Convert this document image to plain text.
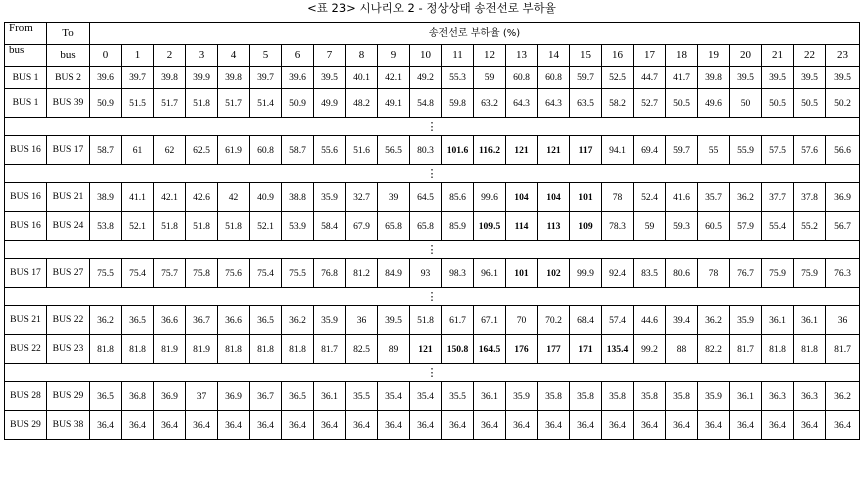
<표 23> 시나리오 2 - 정상상태 송전선로 부하율
From	To	송전선로 부하율 (%)																							
bus	bus	0	1	2	3	4	5	6	7	8	9	10	11	12	13	14	15	16	17	18	19	20	21	22	23
BUS 1	BUS 2	39.6	39.7	39.8	39.9	39.8	39.7	39.6	39.5	40.1	42.1	49.2	55.3	59	60.8	60.8	59.7	52.5	44.7	41.7	39.8	39.5	39.5	39.5	39.5
BUS 1	BUS 39	50.9	51.5	51.7	51.8	51.7	51.4	50.9	49.9	48.2	49.1	54.8	59.8	63.2	64.3	64.3	63.5	58.2	52.7	50.5	49.6	50	50.5	50.5	50.2
⋮																									
BUS 16	BUS 17	58.7	61	62	62.5	61.9	60.8	58.7	55.6	51.6	56.5	80.3	101.6	116.2	121	121	117	94.1	69.4	59.7	55	55.9	57.5	57.6	56.6
⋮																									
BUS 16	BUS 21	38.9	41.1	42.1	42.6	42	40.9	38.8	35.9	32.7	39	64.5	85.6	99.6	104	104	101	78	52.4	41.6	35.7	36.2	37.7	37.8	36.9
BUS 16	BUS 24	53.8	52.1	51.8	51.8	51.8	52.1	53.9	58.4	67.9	65.8	65.8	85.9	109.5	114	113	109	78.3	59	59.3	60.5	57.9	55.4	55.2	56.7
⋮																									
BUS 17	BUS 27	75.5	75.4	75.7	75.8	75.6	75.4	75.5	76.8	81.2	84.9	93	98.3	96.1	101	102	99.9	92.4	83.5	80.6	78	76.7	75.9	75.9	76.3
⋮																									
BUS 21	BUS 22	36.2	36.5	36.6	36.7	36.6	36.5	36.2	35.9	36	39.5	51.8	61.7	67.1	70	70.2	68.4	57.4	44.6	39.4	36.2	35.9	36.1	36.1	36
BUS 22	BUS 23	81.8	81.8	81.9	81.9	81.8	81.8	81.8	81.7	82.5	89	121	150.8	164.5	176	177	171	135.4	99.2	88	82.2	81.7	81.8	81.8	81.7
⋮																									
BUS 28	BUS 29	36.5	36.8	36.9	37	36.9	36.7	36.5	36.1	35.5	35.4	35.4	35.5	36.1	35.9	35.8	35.8	35.8	35.8	35.8	35.9	36.1	36.3	36.3	36.2
BUS 29	BUS 38	36.4	36.4	36.4	36.4	36.4	36.4	36.4	36.4	36.4	36.4	36.4	36.4	36.4	36.4	36.4	36.4	36.4	36.4	36.4	36.4	36.4	36.4	36.4	36.4
